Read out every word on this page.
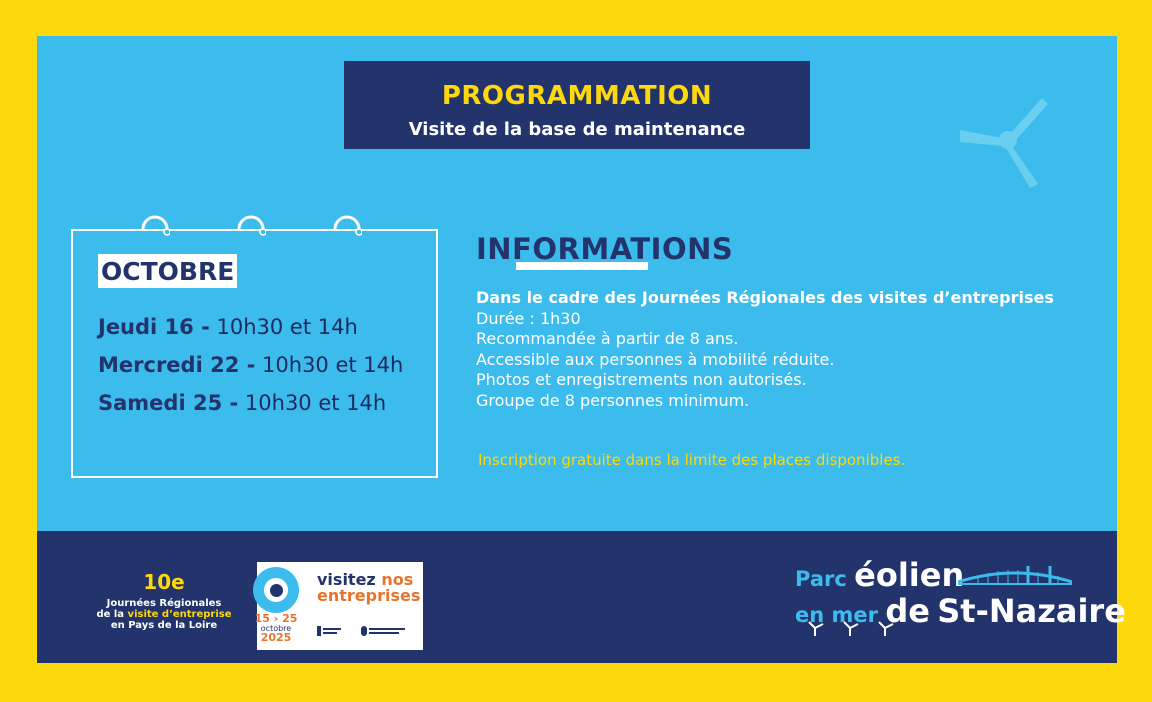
PROGRAMMATION
Visite de la base de maintenance
OCTOBRE
Jeudi 16 - 10h30 et 14h
Mercredi 22 - 10h30 et 14h
Samedi 25 - 10h30 et 14h
INFORMATIONS
Dans le cadre des Journées Régionales des visites d’entreprises
Durée : 1h30
Recommandée à partir de 8 ans.
Accessible aux personnes à mobilité réduite.
Photos et enregistrements non autorisés.
Groupe de 8 personnes minimum.
Inscription gratuite dans la limite des places disponibles.
10e
Journées Régionales
de la visite d’entreprise
en Pays de la Loire
15 › 25
octobre
2025
visitez nos
entreprises
Parc éolien
en mer de St-Nazaire
